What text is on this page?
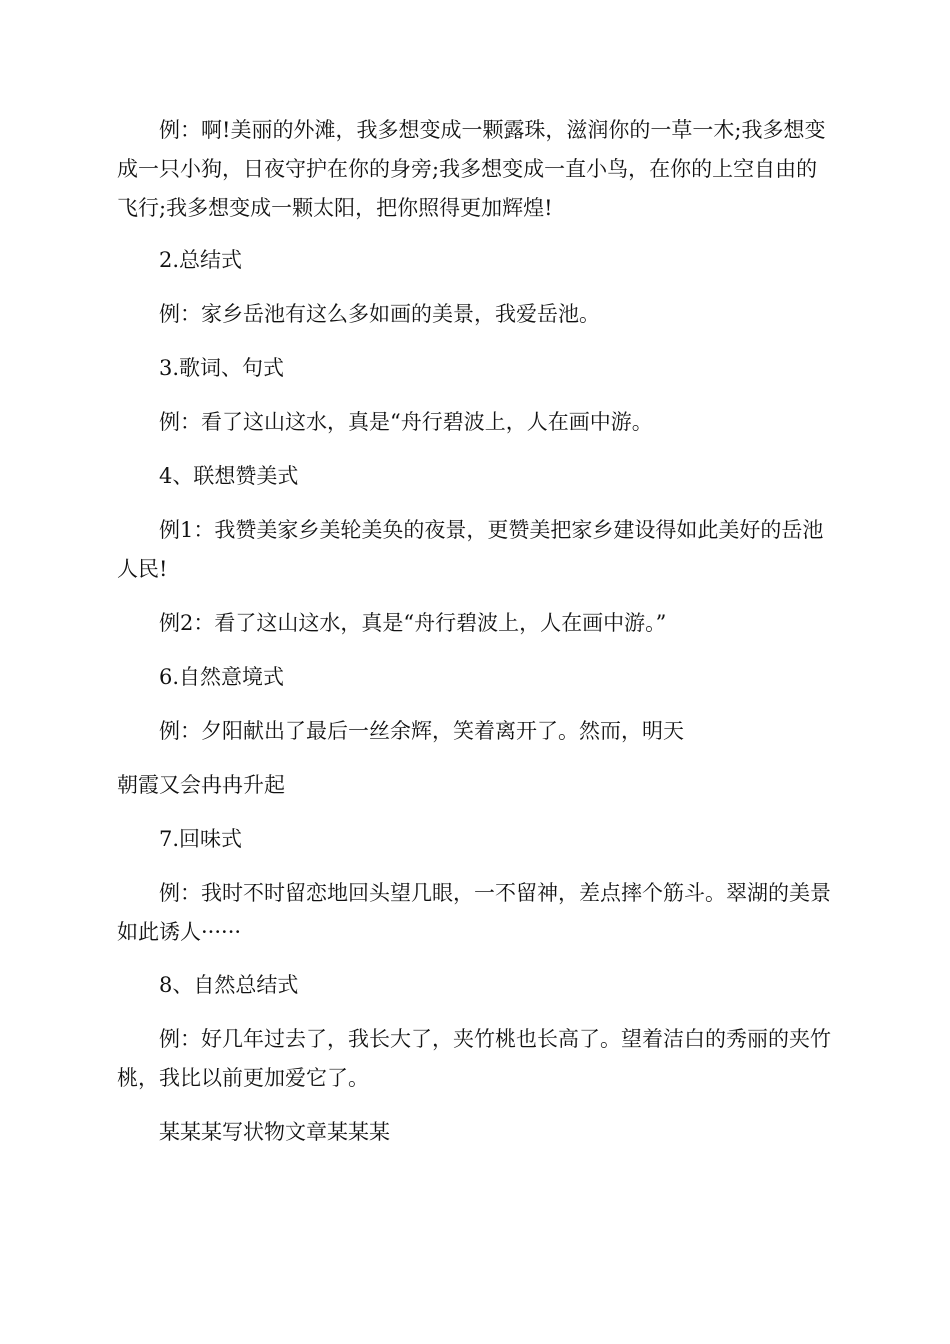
例：啊!美丽的外滩，我多想变成一颗露珠，滋润你的一草一木;我多想变成一只小狗，日夜守护在你的身旁;我多想变成一直小鸟，在你的上空自由的飞行;我多想变成一颗太阳，把你照得更加辉煌!

2.总结式

例：家乡岳池有这么多如画的美景，我爱岳池。

3.歌词、句式

例：看了这山这水，真是“舟行碧波上，人在画中游。

4、联想赞美式

例1：我赞美家乡美轮美奂的夜景，更赞美把家乡建设得如此美好的岳池人民!

例2：看了这山这水，真是“舟行碧波上，人在画中游。”

6.自然意境式

例：夕阳献出了最后一丝余辉，笑着离开了。然而，明天

朝霞又会冉冉升起

7.回味式

例：我时不时留恋地回头望几眼，一不留神，差点摔个筋斗。翠湖的美景如此诱人······

8、自然总结式

例：好几年过去了，我长大了，夹竹桃也长高了。望着洁白的秀丽的夹竹桃，我比以前更加爱它了。

某某某写状物文章某某某
